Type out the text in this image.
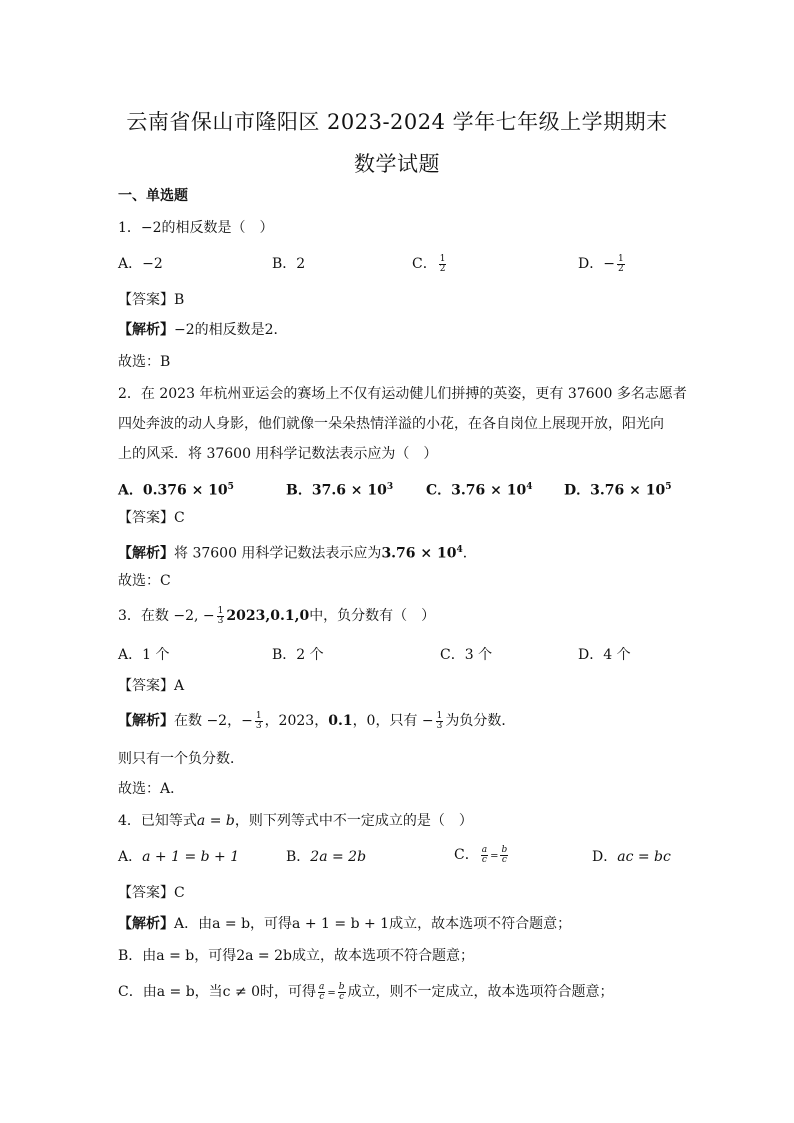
云南省保山市隆阳区 2023-2024 学年七年级上学期期末
数学试题
一、单选题
1．−2的相反数是（　）
A．−2	B．2	C． $\frac{1}{2}$	D．− $\frac{1}{2}$
【答案】B
【解析】−2的相反数是2．
故选：B
2．在 2023 年杭州亚运会的赛场上不仅有运动健儿们拼搏的英姿，更有 37600 多名志愿者
四处奔波的动人身影，他们就像一朵朵热情洋溢的小花，在各自岗位上展现开放，阳光向
上的风采．将 37600 用科学记数法表示应为（　）
A．$0.376 \times 10^5$	B．$37.6 \times 10^3$ C．$3.76 \times 10^4$ D．$3.76 \times 10^5$
【答案】C
【解析】将 37600 用科学记数法表示应为$3.76 \times 10^4$．
故选：C
3．在数 −2, − $\frac{1}{3} 2023,0.1,0$中，负分数有（　）
A．1 个	B．2 个	C．3 个	D．4 个
【答案】A
【解析】在数 −2，− $\frac{1}{3}$ ，2023，0.1，0，只有 − $\frac{1}{3}$ 为负分数．
则只有一个负分数．
故选：A．
4．已知等式a = b，则下列等式中不一定成立的是（　）
A．a + 1 = b + 1	B．2a = 2b	C． $\frac{a}{c} = \frac{b}{c}$	D．ac = bc
【答案】C
【解析】A．由a = b，可得a + 1 = b + 1成立，故本选项不符合题意；
B．由a = b，可得2a = 2b成立，故本选项不符合题意；
C．由a = b，当c ≠ 0时，可得 $\frac{a}{c} = \frac{b}{c}$ 成立，则不一定成立，故本选项符合题意；
